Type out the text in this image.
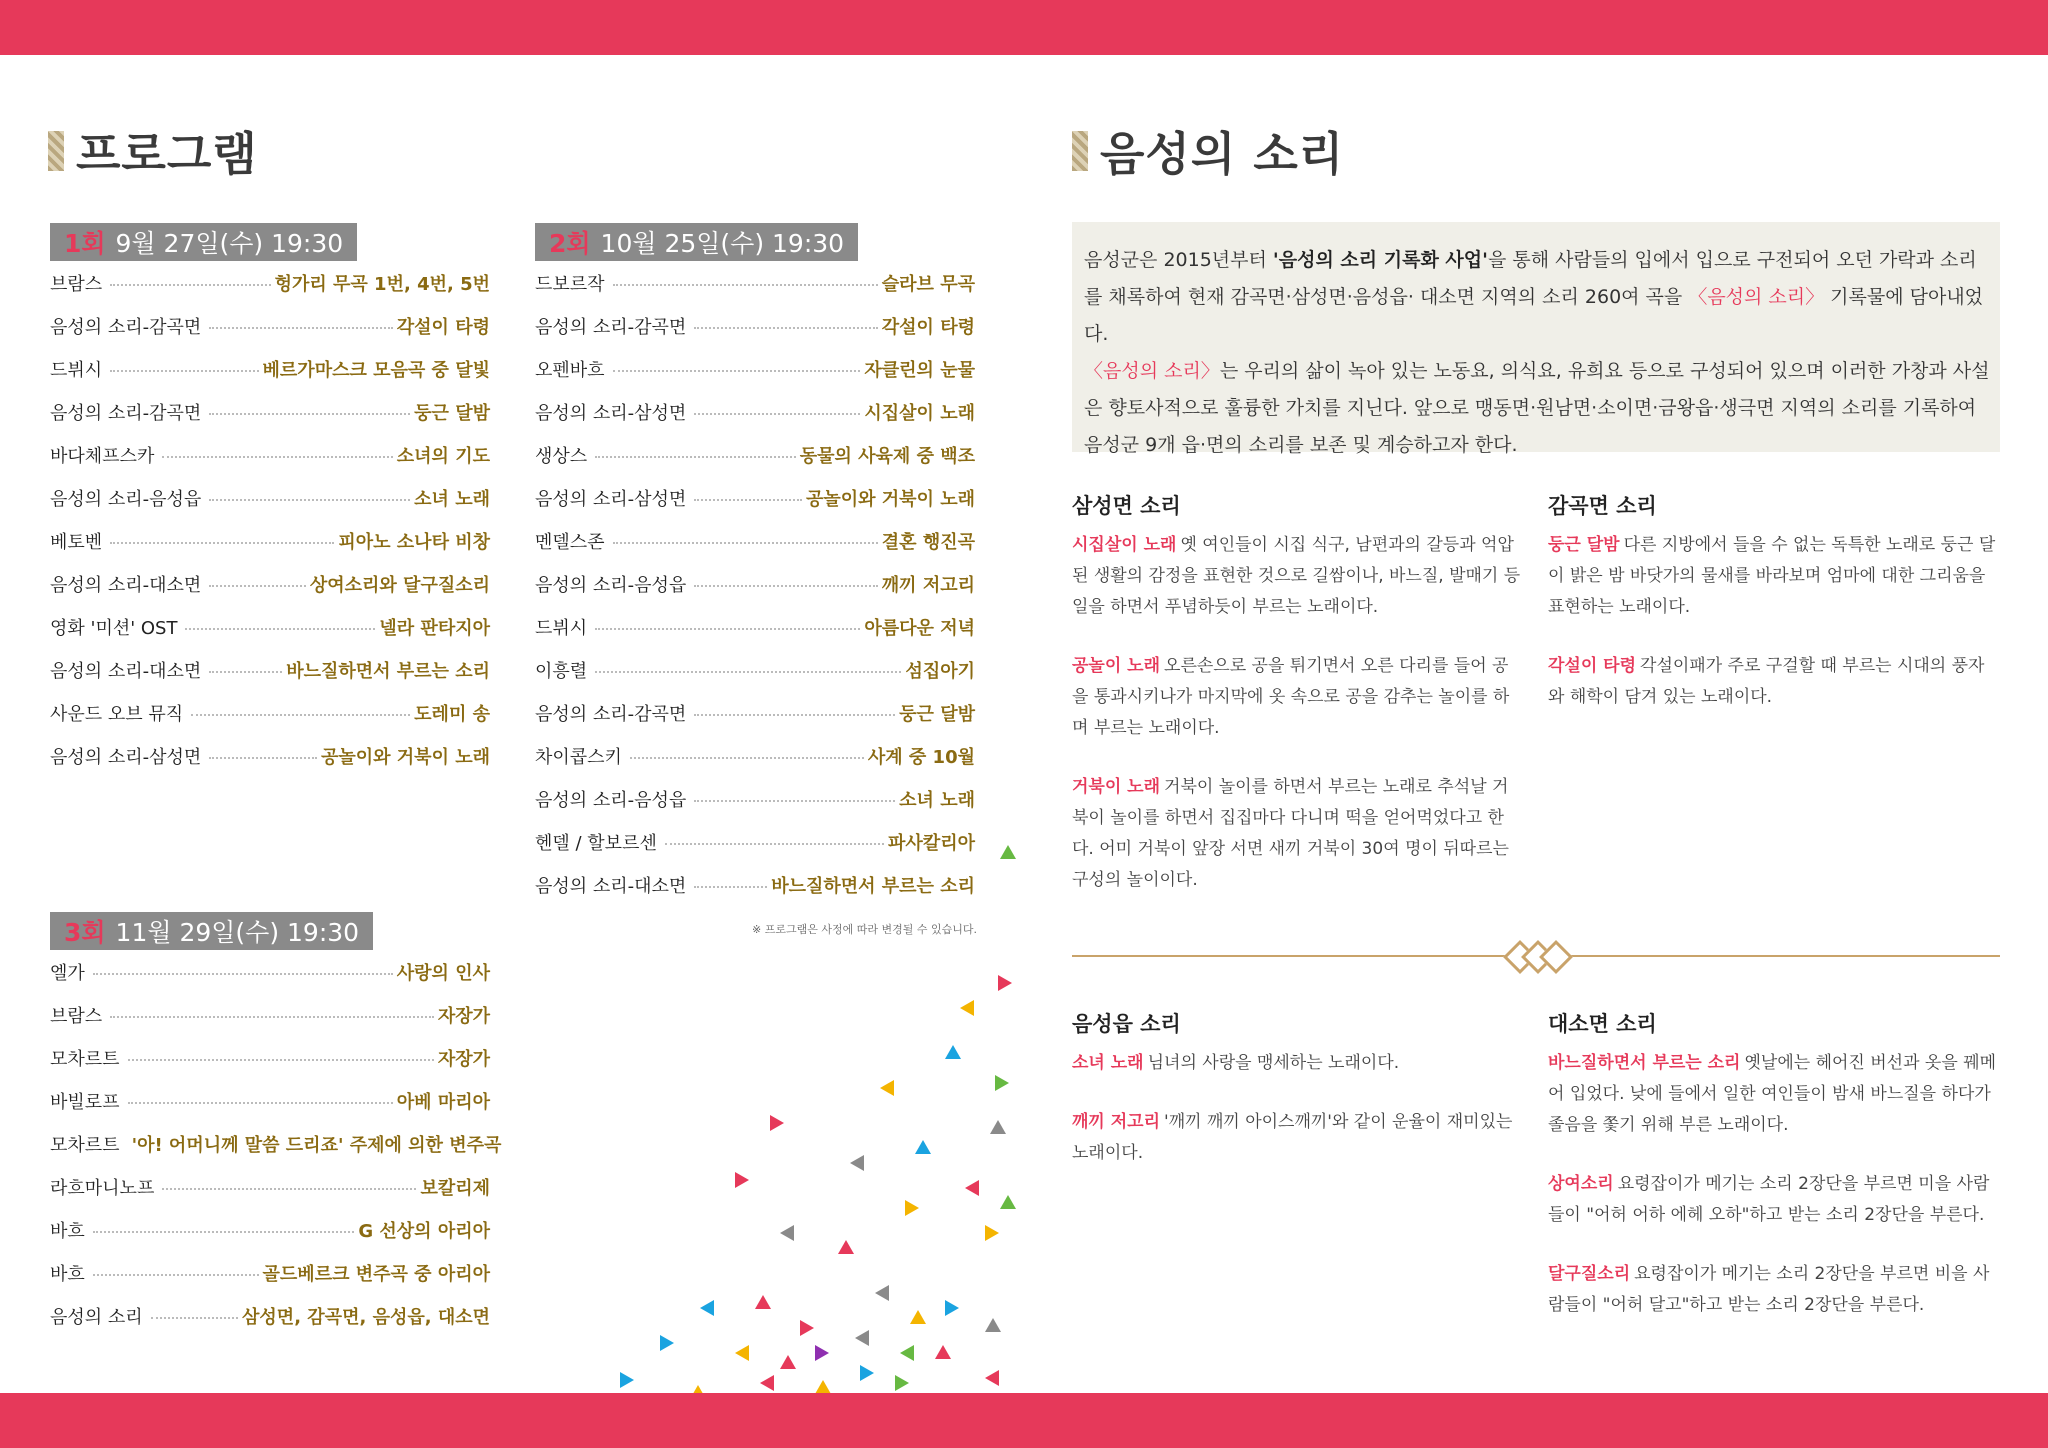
프로그램
1회 9월 27일(수) 19:30
브람스	헝가리 무곡 1번, 4번, 5번
음성의 소리-감곡면	각설이 타령
드뷔시	베르가마스크 모음곡 중 달빛
음성의 소리-감곡면	둥근 달밤
바다체프스카	소녀의 기도
음성의 소리-음성읍	소녀 노래
베토벤	피아노 소나타 비창
음성의 소리-대소면	상여소리와 달구질소리
영화 '미션' OST	넬라 판타지아
음성의 소리-대소면	바느질하면서 부르는 소리
사운드 오브 뮤직	도레미 송
음성의 소리-삼성면	공놀이와 거북이 노래
2회 10월 25일(수) 19:30
드보르작	슬라브 무곡
음성의 소리-감곡면	각설이 타령
오펜바흐	자클린의 눈물
음성의 소리-삼성면	시집살이 노래
생상스	동물의 사육제 중 백조
음성의 소리-삼성면	공놀이와 거북이 노래
멘델스존	결혼 행진곡
음성의 소리-음성읍	깨끼 저고리
드뷔시	아름다운 저녁
이흥렬	섬집아기
음성의 소리-감곡면	둥근 달밤
차이콥스키	사계 중 10월
음성의 소리-음성읍	소녀 노래
헨델 / 할보르센	파사칼리아
음성의 소리-대소면	바느질하면서 부르는 소리
※ 프로그램은 사정에 따라 변경될 수 있습니다.
3회 11월 29일(수) 19:30
엘가	사랑의 인사
브람스	자장가
모차르트	자장가
바빌로프	아베 마리아
모차르트 '아! 어머니께 말씀 드리죠' 주제에 의한 변주곡
라흐마니노프	보칼리제
바흐	G 선상의 아리아
바흐	골드베르크 변주곡 중 아리아
음성의 소리	삼성면, 감곡면, 음성읍, 대소면
음성의 소리
음성군은 2015년부터 '음성의 소리 기록화 사업'을 통해 사람들의 입에서 입으로 구전되어 오던 가락과 소리를 채록하여 현재 감곡면·삼성면·음성읍· 대소면 지역의 소리 260여 곡을 〈음성의 소리〉 기록물에 담아내었다.
〈음성의 소리〉는 우리의 삶이 녹아 있는 노동요, 의식요, 유희요 등으로 구성되어 있으며 이러한 가창과 사설은 향토사적으로 훌륭한 가치를 지닌다. 앞으로 맹동면·원남면·소이면·금왕읍·생극면 지역의 소리를 기록하여 음성군 9개 읍·면의 소리를 보존 및 계승하고자 한다.
삼성면 소리

시집살이 노래 옛 여인들이 시집 식구, 남편과의 갈등과 억압된 생활의 감정을 표현한 것으로 길쌈이나, 바느질, 발매기 등 일을 하면서 푸념하듯이 부르는 노래이다.

공놀이 노래 오른손으로 공을 튀기면서 오른 다리를 들어 공을 통과시키나가 마지막에 옷 속으로 공을 감추는 놀이를 하며 부르는 노래이다.

거북이 노래 거북이 놀이를 하면서 부르는 노래로 추석날 거북이 놀이를 하면서 집집마다 다니며 떡을 얻어먹었다고 한다. 어미 거북이 앞장 서면 새끼 거북이 30여 명이 뒤따르는 구성의 놀이이다.

감곡면 소리

둥근 달밤 다른 지방에서 들을 수 없는 독특한 노래로 둥근 달이 밝은 밤 바닷가의 물새를 바라보며 엄마에 대한 그리움을 표현하는 노래이다.

각설이 타령 각설이패가 주로 구걸할 때 부르는 시대의 풍자와 해학이 담겨 있는 노래이다.

음성읍 소리

소녀 노래 님녀의 사랑을 맹세하는 노래이다.

깨끼 저고리 '깨끼 깨끼 아이스깨끼'와 같이 운율이 재미있는 노래이다.

대소면 소리

바느질하면서 부르는 소리 옛날에는 헤어진 버선과 옷을 꿰메어 입었다. 낮에 들에서 일한 여인들이 밤새 바느질을 하다가 졸음을 쫓기 위해 부른 노래이다.

상여소리 요령잡이가 메기는 소리 2장단을 부르면 미을 사람들이 "어허 어하 에헤 오하"하고 받는 소리 2장단을 부른다.

달구질소리 요령잡이가 메기는 소리 2장단을 부르면 비을 사람들이 "어허 달고"하고 받는 소리 2장단을 부른다.
